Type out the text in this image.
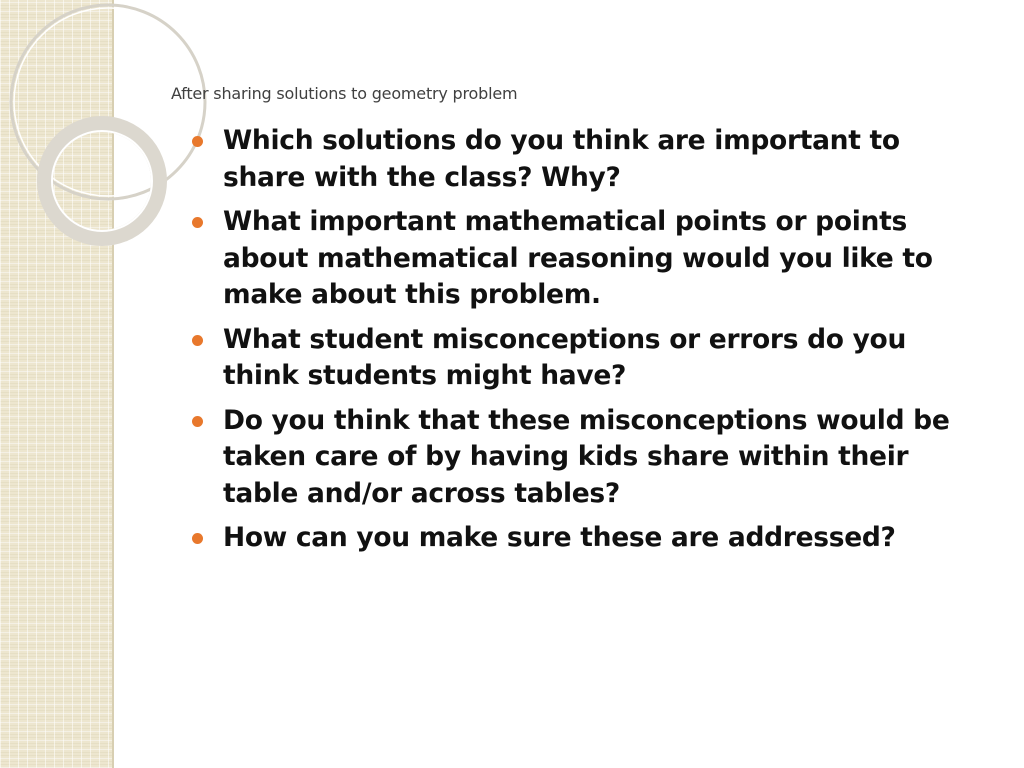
After sharing solutions to geometry problem
Which solutions do you think are important to share with the class? Why?
What important mathematical points or points about mathematical reasoning would you like to make about this problem.
What student misconceptions or errors do you think students might have?
Do you think that these misconceptions would be taken care of by having kids share within their table and/or across tables?
How can you make sure these are addressed?
